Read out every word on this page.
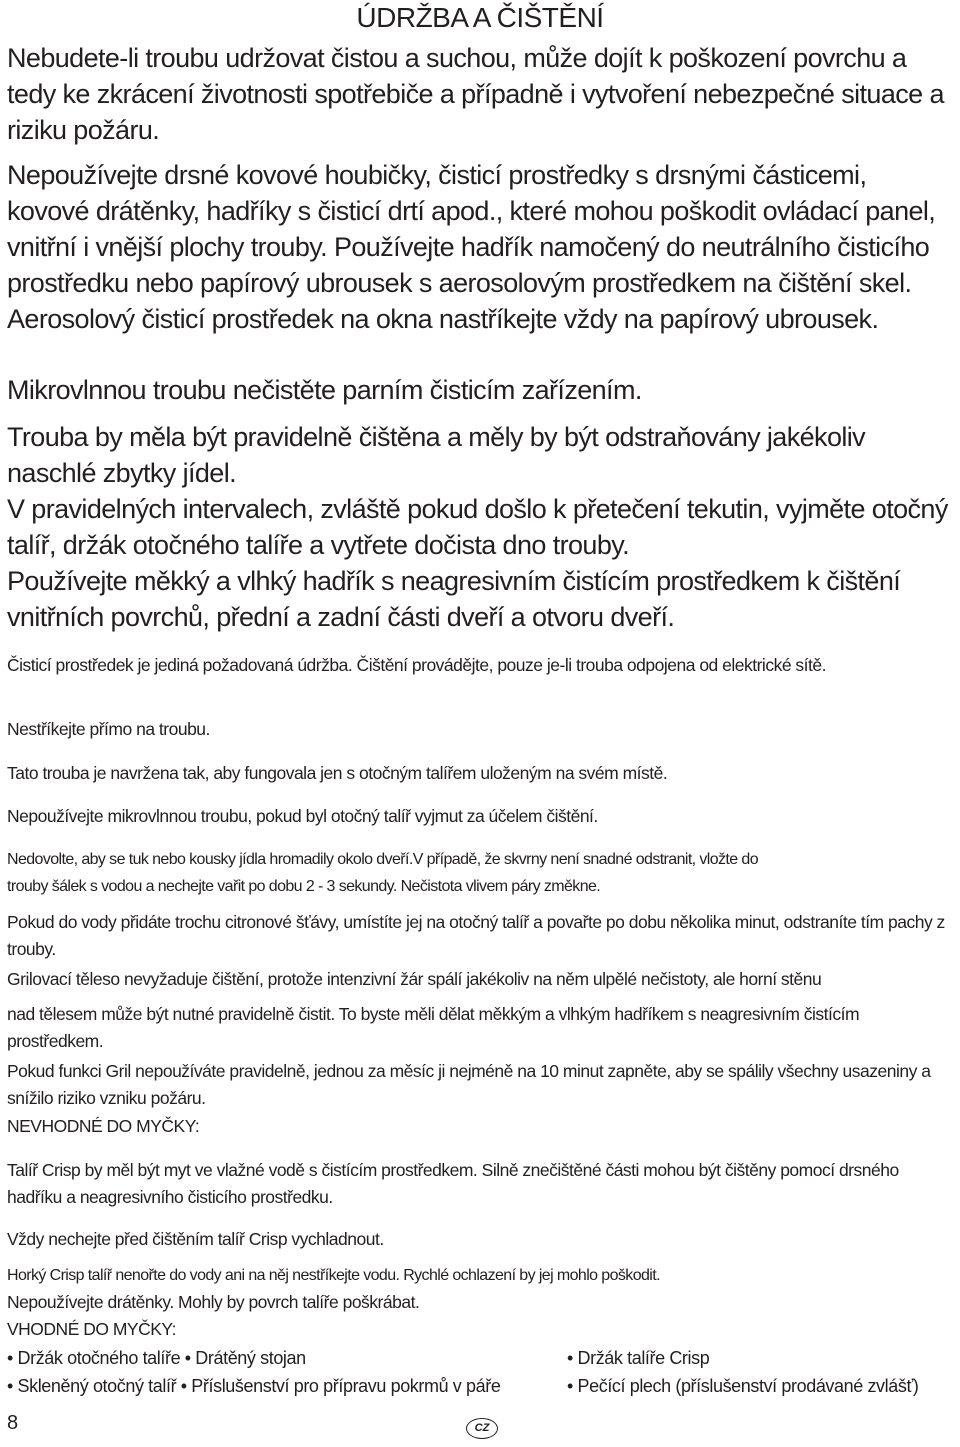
ÚDRŽBA A ČIŠTĚNÍ
Nebudete-li troubu udržovat čistou a suchou, může dojít k poškození povrchu a tedy ke zkrácení životnosti spotřebiče a případně i vytvoření nebezpečné situace a riziku požáru.
Nepoužívejte drsné kovové houbičky, čisticí prostředky s drsnými částicemi, kovové drátěnky, hadříky s čisticí drtí apod., které mohou poškodit ovládací panel, vnitřní i vnější plochy trouby. Používejte hadřík namočený do neutrálního čisticího prostředku nebo papírový ubrousek s aerosolovým prostředkem na čištění skel. Aerosolový čisticí prostředek na okna nastříkejte vždy na papírový ubrousek.
Mikrovlnnou troubu nečistěte parním čisticím zařízením.
Trouba by měla být pravidelně čištěna a měly by být odstraňovány jakékoliv naschlé zbytky jídel.
V pravidelných intervalech, zvláště pokud došlo k přetečení tekutin, vyjměte otočný talíř, držák otočného talíře a vytřete dočista dno trouby.
Používejte měkký a vlhký hadřík s neagresivním čistícím prostředkem k čištění vnitřních povrchů, přední a zadní části dveří a otvoru dveří.
Čisticí prostředek je jediná požadovaná údržba. Čištění provádějte, pouze je-li trouba odpojena od elektrické sítě.
Nestříkejte přímo na troubu.
Tato trouba je navržena tak, aby fungovala jen s otočným talířem uloženým na svém místě.
Nepoužívejte mikrovlnnou troubu, pokud byl otočný talíř vyjmut za účelem čištění.
Nedovolte, aby se tuk nebo kousky jídla hromadily okolo dveří.V případě, že skvrny není snadné odstranit, vložte do
trouby šálek s vodou a nechejte vařit po dobu 2 - 3 sekundy. Nečistota vlivem páry změkne.
Pokud do vody přidáte trochu citronové šťávy, umístíte jej na otočný talíř a povařte po dobu několika minut, odstraníte tím pachy z trouby.
Grilovací těleso nevyžaduje čištění, protože intenzivní žár spálí jakékoliv na něm ulpělé nečistoty, ale horní stěnu
nad tělesem může být nutné pravidelně čistit. To byste měli dělat měkkým a vlhkým hadříkem s neagresivním čistícím prostředkem.
Pokud funkci Gril nepoužíváte pravidelně, jednou za měsíc ji nejméně na 10 minut zapněte, aby se spálily všechny usazeniny a snížilo riziko vzniku požáru.
NEVHODNÉ DO MYČKY:
Talíř Crisp by měl být myt ve vlažné vodě s čistícím prostředkem. Silně znečištěné části mohou být čištěny pomocí drsného hadříku a neagresivního čisticího prostředku.
Vždy nechejte před čištěním talíř Crisp vychladnout.
Horký Crisp talíř nenořte do vody ani na něj nestříkejte vodu. Rychlé ochlazení by jej mohlo poškodit.
Nepoužívejte drátěnky. Mohly by povrch talíře poškrábat.
VHODNÉ DO MYČKY:
• Držák otočného talíře • Drátěný stojan
• Skleněný otočný talíř • Příslušenství pro přípravu pokrmů v páře
• Držák talíře Crisp
• Pečící plech (příslušenství prodávané zvlášť)
8	CZ
